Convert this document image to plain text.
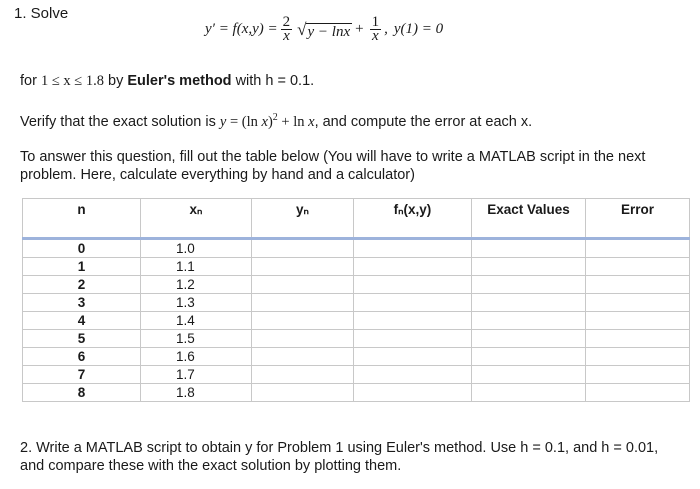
1. Solve
$y' = f(x,y) = \frac{2}{x}$ √ $y - \ln x + \frac{1}{x}$ , y(1) = 0
for 1 ≤ x ≤ 1.8 by Euler's method with h = 0.1.
Verify that the exact solution is y = (ln x)$^2$ + ln x, and compute the error at each x.
To answer this question, fill out the table below (You will have to write a MATLAB script in the next problem. Here, calculate everything by hand and a calculator)
n	xₙ	yₙ	fₙ(x,y)	Exact Values	Error
0	1.0				
1	1.1				
2	1.2				
3	1.3				
4	1.4				
5	1.5				
6	1.6				
7	1.7				
8	1.8				
2. Write a MATLAB script to obtain y for Problem 1 using Euler's method. Use h = 0.1, and h = 0.01, and compare these with the exact solution by plotting them.
